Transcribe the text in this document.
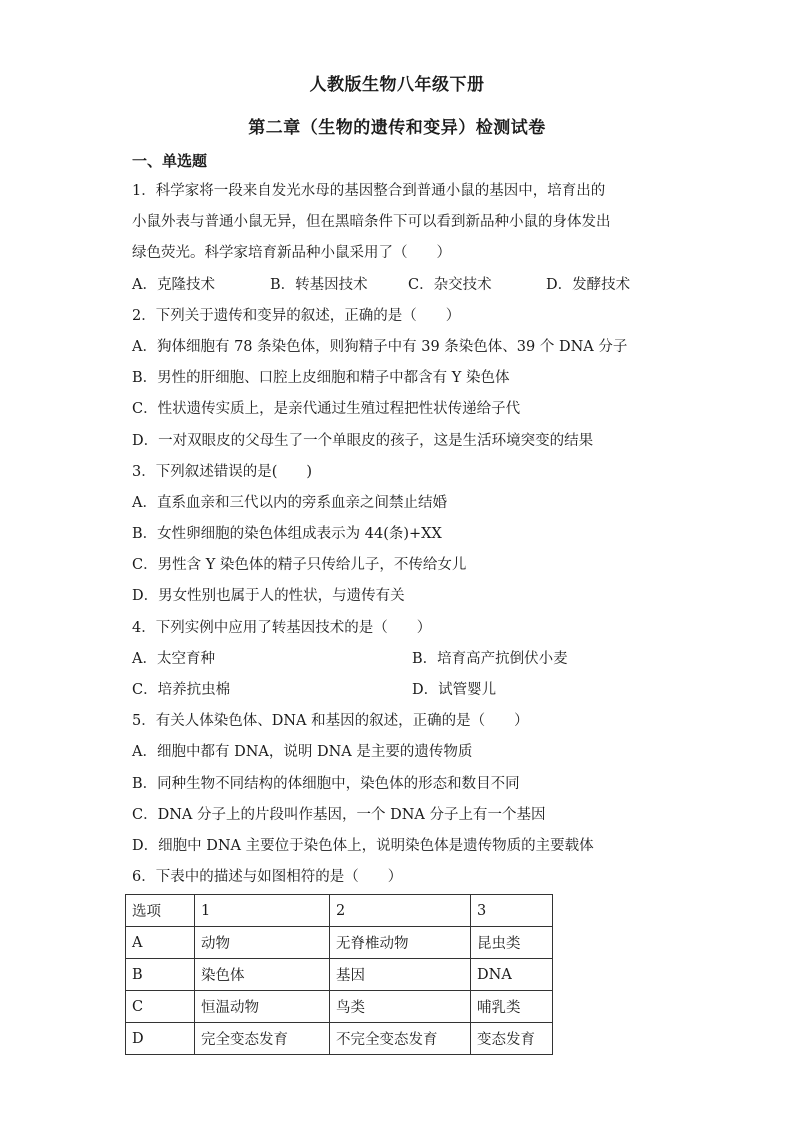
人教版生物八年级下册
第二章（生物的遗传和变异）检测试卷
一、单选题
1．科学家将一段来自发光水母的基因整合到普通小鼠的基因中，培育出的
小鼠外表与普通小鼠无异，但在黑暗条件下可以看到新品种小鼠的身体发出
绿色荧光。科学家培育新品种小鼠采用了（　　）
A．克隆技术	B．转基因技术	C．杂交技术	D．发酵技术
2．下列关于遗传和变异的叙述，正确的是（　　）
A．狗体细胞有 78 条染色体，则狗精子中有 39 条染色体、39 个 DNA 分子
B．男性的肝细胞、口腔上皮细胞和精子中都含有 Y 染色体
C．性状遗传实质上，是亲代通过生殖过程把性状传递给子代
D．一对双眼皮的父母生了一个单眼皮的孩子，这是生活环境突变的结果
3．下列叙述错误的是(　　)
A．直系血亲和三代以内的旁系血亲之间禁止结婚
B．女性卵细胞的染色体组成表示为 44(条)+XX
C．男性含 Y 染色体的精子只传给儿子，不传给女儿
D．男女性别也属于人的性状，与遗传有关
4．下列实例中应用了转基因技术的是（　　）
A．太空育种	B．培育高产抗倒伏小麦
C．培养抗虫棉	D．试管婴儿
5．有关人体染色体、DNA 和基因的叙述，正确的是（　　）
A．细胞中都有 DNA，说明 DNA 是主要的遗传物质
B．同种生物不同结构的体细胞中，染色体的形态和数目不同
C．DNA 分子上的片段叫作基因，一个 DNA 分子上有一个基因
D．细胞中 DNA 主要位于染色体上，说明染色体是遗传物质的主要载体
6．下表中的描述与如图相符的是（　　）
选项	1	2	3
A	动物	无脊椎动物	昆虫类
B	染色体	基因	DNA
C	恒温动物	鸟类	哺乳类
D	完全变态发育	不完全变态发育	变态发育
